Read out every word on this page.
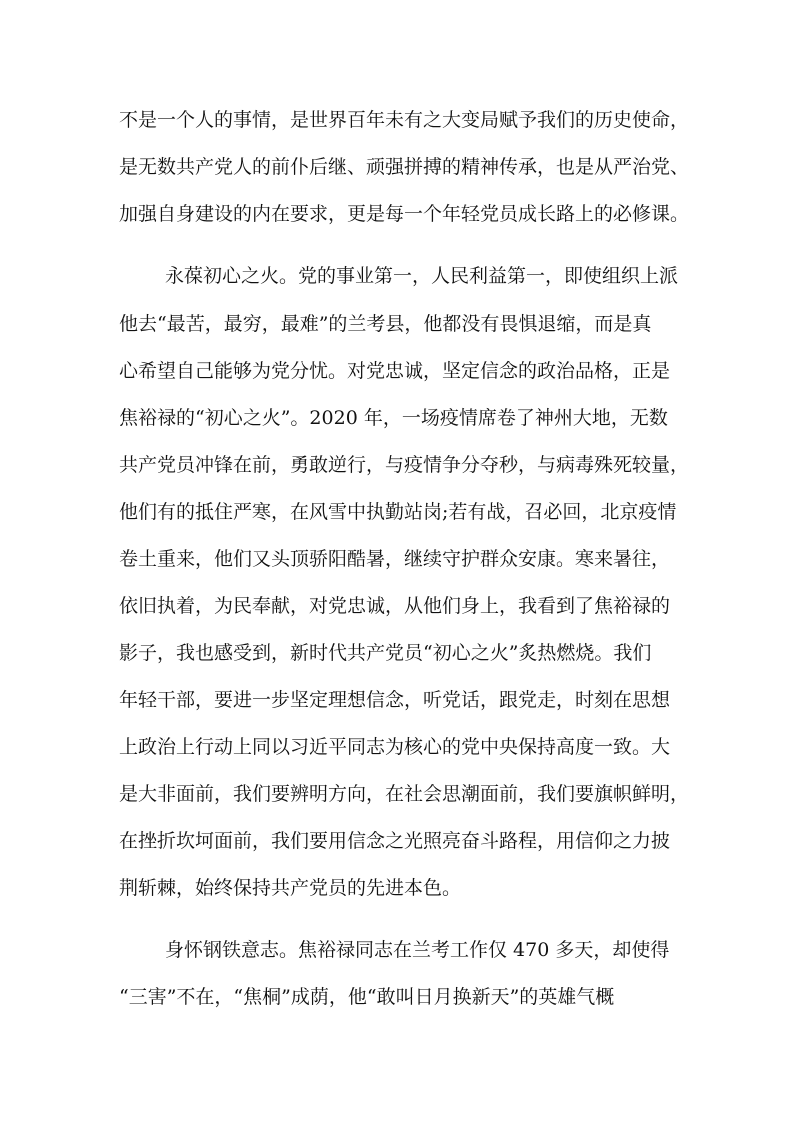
不是一个人的事情，是世界百年未有之大变局赋予我们的历史使命，
是无数共产党人的前仆后继、顽强拼搏的精神传承，也是从严治党、
加强自身建设的内在要求，更是每一个年轻党员成长路上的必修课。
　永葆初心之火。党的事业第一，人民利益第一，即使组织上派
他去“最苦，最穷，最难”的兰考县，他都没有畏惧退缩，而是真
心希望自己能够为党分忧。对党忠诚，坚定信念的政治品格，正是
焦裕禄的“初心之火”。2020 年，一场疫情席卷了神州大地，无数
共产党员冲锋在前，勇敢逆行，与疫情争分夺秒，与病毒殊死较量，
他们有的抵住严寒，在风雪中执勤站岗;若有战，召必回，北京疫情
卷土重来，他们又头顶骄阳酷暑，继续守护群众安康。寒来暑往，
依旧执着，为民奉献，对党忠诚，从他们身上，我看到了焦裕禄的
影子，我也感受到，新时代共产党员“初心之火”炙热燃烧。我们
年轻干部，要进一步坚定理想信念，听党话，跟党走，时刻在思想
上政治上行动上同以习近平同志为核心的党中央保持高度一致。大
是大非面前，我们要辨明方向，在社会思潮面前，我们要旗帜鲜明，
在挫折坎坷面前，我们要用信念之光照亮奋斗路程，用信仰之力披
荆斩棘，始终保持共产党员的先进本色。
　身怀钢铁意志。焦裕禄同志在兰考工作仅 470 多天，却使得
“三害”不在，“焦桐”成荫，他“敢叫日月换新天”的英雄气概
